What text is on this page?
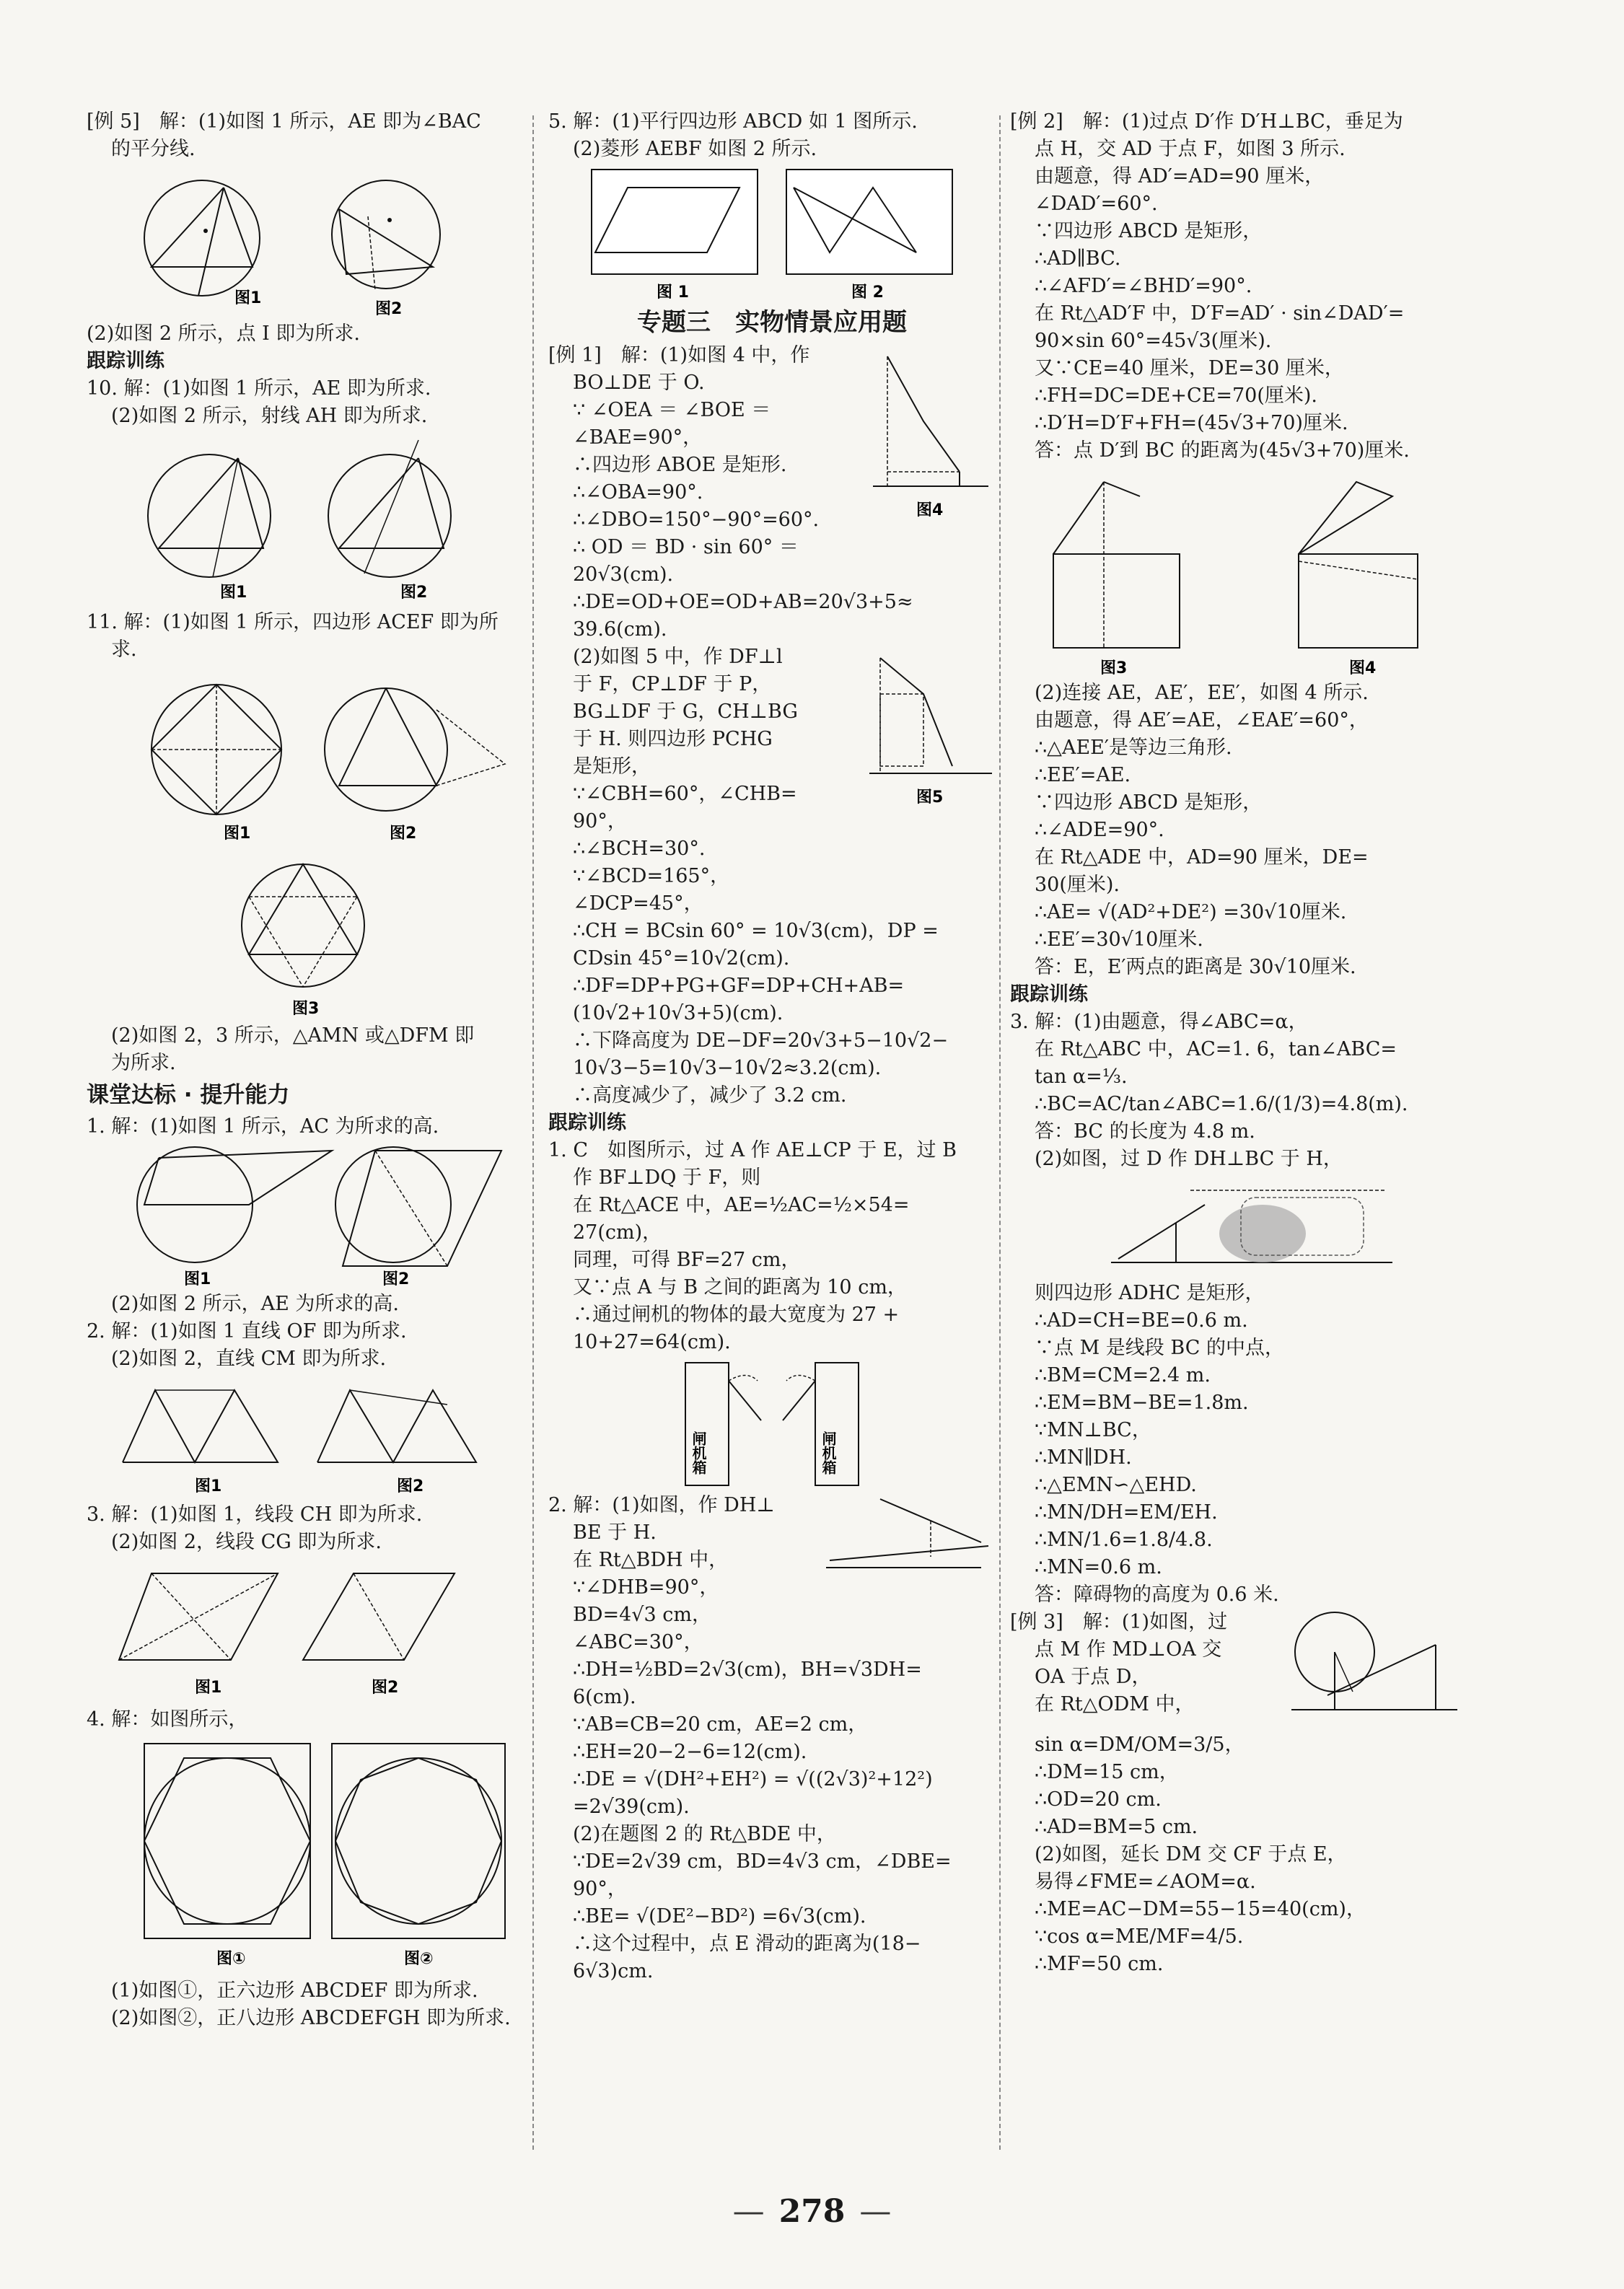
[例 5]　解：(1)如图 1 所示，AE 即为∠BAC
的平分线.
图1
图2
(2)如图 2 所示，点 I 即为所求.
跟踪训练
10. 解：(1)如图 1 所示，AE 即为所求.
(2)如图 2 所示，射线 AH 即为所求.
图1	图2
11. 解：(1)如图 1 所示，四边形 ACEF 即为所
求.
图1	图2
图3
(2)如图 2，3 所示，△AMN 或△DFM 即
为所求.
课堂达标 · 提升能力
1. 解：(1)如图 1 所示，AC 为所求的高.
图1	图2
(2)如图 2 所示，AE 为所求的高.
2. 解：(1)如图 1 直线 OF 即为所求.
(2)如图 2，直线 CM 即为所求.
图1	图2
3. 解：(1)如图 1，线段 CH 即为所求.
(2)如图 2，线段 CG 即为所求.
图1	图2
4. 解：如图所示，
图①	图②
(1)如图①，正六边形 ABCDEF 即为所求.
(2)如图②，正八边形 ABCDEFGH 即为所求.
5. 解：(1)平行四边形 ABCD 如 1 图所示.
(2)菱形 AEBF 如图 2 所示.
图 1	图 2
专题三　实物情景应用题
图4
[例 1]　解：(1)如图 4 中，作
BO⊥DE 于 O.
∵ ∠OEA ＝ ∠BOE ＝
∠BAE=90°，
∴四边形 ABOE 是矩形.
∴∠OBA=90°.
∴∠DBO=150°−90°=60°.
∴ OD ＝ BD · sin 60° ＝
20√3(cm).
∴DE=OD+OE=OD+AB=20√3+5≈
39.6(cm).
图5
(2)如图 5 中，作 DF⊥l
于 F，CP⊥DF 于 P，
BG⊥DF 于 G，CH⊥BG
于 H. 则四边形 PCHG
是矩形，
∵∠CBH=60°，∠CHB=
90°，
∴∠BCH=30°.
∵∠BCD=165°，
∠DCP=45°，
∴CH = BCsin 60° = 10√3(cm)，DP =
CDsin 45°=10√2(cm).
∴DF=DP+PG+GF=DP+CH+AB=
(10√2+10√3+5)(cm).
∴下降高度为 DE−DF=20√3+5−10√2−
10√3−5=10√3−10√2≈3.2(cm).
∴高度减少了，减少了 3.2 cm.
跟踪训练
1. C　如图所示，过 A 作 AE⊥CP 于 E，过 B
作 BF⊥DQ 于 F，则
在 Rt△ACE 中，AE=½AC=½×54=
27(cm)，
同理，可得 BF=27 cm，
又∵点 A 与 B 之间的距离为 10 cm，
∴通过闸机的物体的最大宽度为 27 +
10+27=64(cm).
闸机箱	闸机箱
2. 解：(1)如图，作 DH⊥
BE 于 H.
在 Rt△BDH 中，
∵∠DHB=90°，
BD=4√3 cm，
∠ABC=30°，
∴DH=½BD=2√3(cm)，BH=√3DH=
6(cm).
∵AB=CB=20 cm，AE=2 cm，
∴EH=20−2−6=12(cm).
∴DE = √(DH²+EH²) = √((2√3)²+12²)
=2√39(cm).
(2)在题图 2 的 Rt△BDE 中，
∵DE=2√39 cm，BD=4√3 cm，∠DBE=
90°，
∴BE= √(DE²−BD²) =6√3(cm).
∴这个过程中，点 E 滑动的距离为(18−
6√3)cm.
[例 2]　解：(1)过点 D′作 D′H⊥BC，垂足为
点 H，交 AD 于点 F，如图 3 所示.
由题意，得 AD′=AD=90 厘米，
∠DAD′=60°.
∵四边形 ABCD 是矩形，
∴AD∥BC.
∴∠AFD′=∠BHD′=90°.
在 Rt△AD′F 中，D′F=AD′ · sin∠DAD′=
90×sin 60°=45√3(厘米).
又∵CE=40 厘米，DE=30 厘米，
∴FH=DC=DE+CE=70(厘米).
∴D′H=D′F+FH=(45√3+70)厘米.
答：点 D′到 BC 的距离为(45√3+70)厘米.
图3	图4
(2)连接 AE，AE′，EE′，如图 4 所示.
由题意，得 AE′=AE，∠EAE′=60°，
∴△AEE′是等边三角形.
∴EE′=AE.
∵四边形 ABCD 是矩形，
∴∠ADE=90°.
在 Rt△ADE 中，AD=90 厘米，DE=
30(厘米).
∴AE= √(AD²+DE²) =30√10厘米.
∴EE′=30√10厘米.
答：E，E′两点的距离是 30√10厘米.
跟踪训练
3. 解：(1)由题意，得∠ABC=α，
在 Rt△ABC 中，AC=1. 6，tan∠ABC=
tan α=⅓.
∴BC=AC/tan∠ABC=1.6/(1/3)=4.8(m).
答：BC 的长度为 4.8 m.
(2)如图，过 D 作 DH⊥BC 于 H，
则四边形 ADHC 是矩形，
∴AD=CH=BE=0.6 m.
∵点 M 是线段 BC 的中点，
∴BM=CM=2.4 m.
∴EM=BM−BE=1.8m.
∵MN⊥BC，
∴MN∥DH.
∴△EMN∽△EHD.
∴MN/DH=EM/EH.
∴MN/1.6=1.8/4.8.
∴MN=0.6 m.
答：障碍物的高度为 0.6 米.
[例 3]　解：(1)如图，过
点 M 作 MD⊥OA 交
OA 于点 D，
在 Rt△ODM 中，
sin α=DM/OM=3/5，
∴DM=15 cm，
∴OD=20 cm.
∴AD=BM=5 cm.
(2)如图，延长 DM 交 CF 于点 E，
易得∠FME=∠AOM=α.
∴ME=AC−DM=55−15=40(cm)，
∵cos α=ME/MF=4/5.
∴MF=50 cm.
— 278 —
